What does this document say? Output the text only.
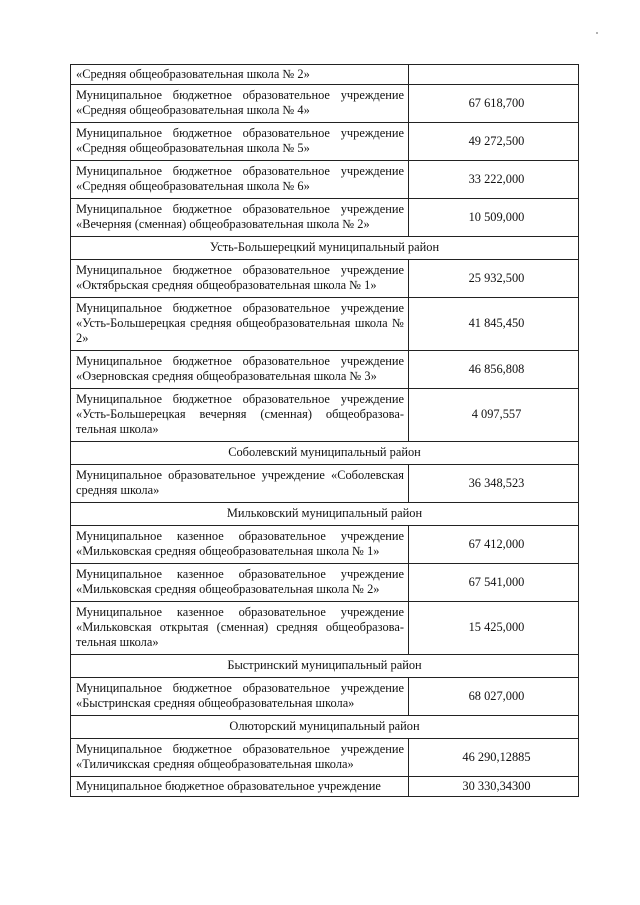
«Средняя общеобразовательная школа № 2»	
Муниципальное бюджетное образовательное учреждение «Средняя общеобразовательная школа № 4»	67 618,700
Муниципальное бюджетное образовательное учреждение «Средняя общеобразовательная школа № 5»	49 272,500
Муниципальное бюджетное образовательное учреждение «Средняя общеобразовательная школа № 6»	33 222,000
Муниципальное бюджетное образовательное учреждение «Вечерняя (сменная) общеобразовательная школа № 2»	10 509,000
Усть-Большерецкий муниципальный район	
Муниципальное бюджетное образовательное учреждение «Октябрьская средняя общеобразовательная школа № 1»	25 932,500
Муниципальное бюджетное образовательное учреждение «Усть-Большерецкая средняя общеобразовательная школа № 2»	41 845,450
Муниципальное бюджетное образовательное учреждение «Озерновская средняя общеобразовательная школа № 3»	46 856,808
Муниципальное бюджетное образовательное учреждение «Усть-Большерецкая вечерняя (сменная) общеобразова-тельная школа»	4 097,557
Соболевский муниципальный район	
Муниципальное образовательное учреждение «Соболевская средняя школа»	36 348,523
Мильковский муниципальный район	
Муниципальное казенное образовательное учреждение «Мильковская средняя общеобразовательная школа № 1»	67 412,000
Муниципальное казенное образовательное учреждение «Мильковская средняя общеобразовательная школа № 2»	67 541,000
Муниципальное казенное образовательное учреждение «Мильковская открытая (сменная) средняя общеобразова-тельная школа»	15 425,000
Быстринский муниципальный район	
Муниципальное бюджетное образовательное учреждение «Быстринская средняя общеобразовательная школа»	68 027,000
Олюторский муниципальный район	
Муниципальное бюджетное образовательное учреждение «Тиличикская средняя общеобразовательная школа»	46 290,12885
Муниципальное бюджетное образовательное учреждение	30 330,34300
